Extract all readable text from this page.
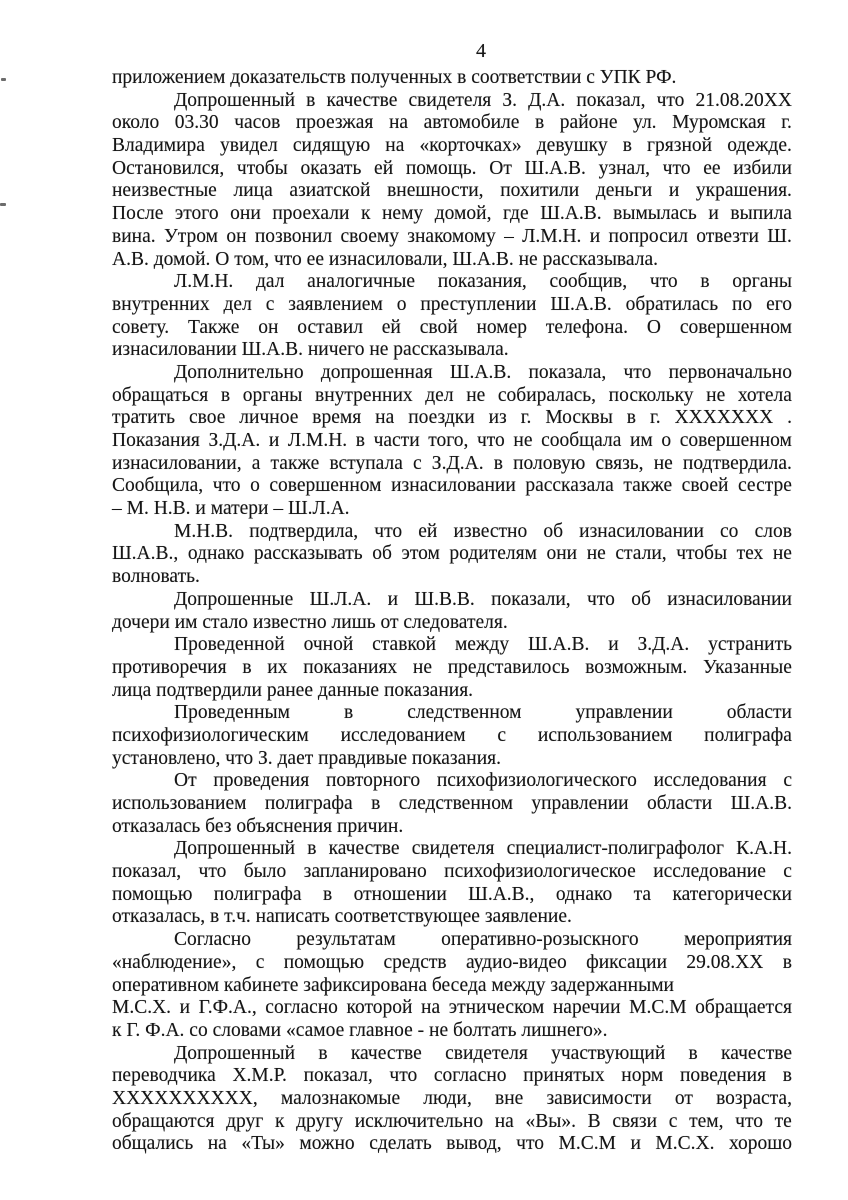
4
приложением доказательств полученных в соответствии с УПК РФ.
Допрошенный в качестве свидетеля З. Д.А. показал, что 21.08.20ХХ
около 03.30 часов проезжая на автомобиле в районе ул. Муромская г.
Владимира увидел сидящую на «корточках» девушку в грязной одежде.
Остановился, чтобы оказать ей помощь. От Ш.А.В. узнал, что ее избили
неизвестные лица азиатской внешности, похитили деньги и украшения.
После этого они проехали к нему домой, где Ш.А.В. вымылась и выпила
вина. Утром он позвонил своему знакомому – Л.М.Н. и попросил отвезти Ш.
А.В. домой. О том, что ее изнасиловали, Ш.А.В. не рассказывала.
Л.М.Н. дал аналогичные показания, сообщив, что в органы
внутренних дел с заявлением о преступлении Ш.А.В. обратилась по его
совету. Также он оставил ей свой номер телефона. О совершенном
изнасиловании Ш.А.В. ничего не рассказывала.
Дополнительно допрошенная Ш.А.В. показала, что первоначально
обращаться в органы внутренних дел не собиралась, поскольку не хотела
тратить свое личное время на поездки из г. Москвы в г. ХХХХХХХ .
Показания З.Д.А. и Л.М.Н. в части того, что не сообщала им о совершенном
изнасиловании, а также вступала с З.Д.А. в половую связь, не подтвердила.
Сообщила, что о совершенном изнасиловании рассказала также своей сестре
– М. Н.В. и матери – Ш.Л.А.
М.Н.В. подтвердила, что ей известно об изнасиловании со слов
Ш.А.В., однако рассказывать об этом родителям они не стали, чтобы тех не
волновать.
Допрошенные Ш.Л.А. и Ш.В.В. показали, что об изнасиловании
дочери им стало известно лишь от следователя.
Проведенной очной ставкой между Ш.А.В. и З.Д.А. устранить
противоречия в их показаниях не представилось возможным. Указанные
лица подтвердили ранее данные показания.
Проведенным	в	следственном	управлении	области
психофизиологическим исследованием с использованием полиграфа
установлено, что З. дает правдивые показания.
От проведения повторного психофизиологического исследования с
использованием полиграфа в следственном управлении области Ш.А.В.
отказалась без объяснения причин.
Допрошенный в качестве свидетеля специалист-полиграфолог К.А.Н.
показал, что было запланировано психофизиологическое исследование с
помощью полиграфа в отношении Ш.А.В., однако та категорически
отказалась, в т.ч. написать соответствующее заявление.
Согласно результатам оперативно-розыскного мероприятия
«наблюдение», с помощью средств аудио-видео фиксации 29.08.ХХ в
оперативном кабинете зафиксирована беседа между задержанными
М.С.Х. и Г.Ф.А., согласно которой на этническом наречии М.С.М обращается
к Г. Ф.А. со словами «самое главное - не болтать лишнего».
Допрошенный в качестве свидетеля участвующий в качестве
переводчика Х.М.Р. показал, что согласно принятых норм поведения в
ХХХХХХХХХХ, малознакомые люди, вне зависимости от возраста,
обращаются друг к другу исключительно на «Вы». В связи с тем, что те
общались на «Ты» можно сделать вывод, что М.С.М и М.С.Х. хорошо
